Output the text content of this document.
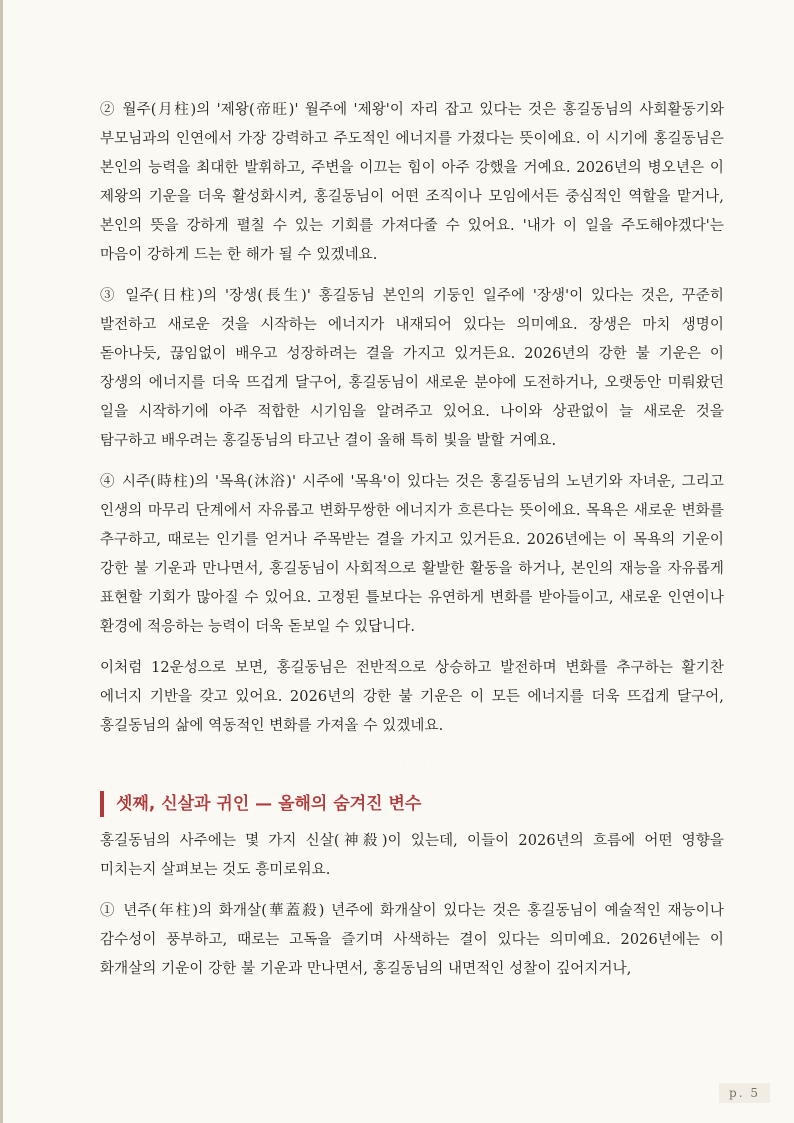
② 월주(月柱)의 '제왕(帝旺)' 월주에 '제왕'이 자리 잡고 있다는 것은 홍길동님의 사회활동기와 부모님과의 인연에서 가장 강력하고 주도적인 에너지를 가졌다는 뜻이에요. 이 시기에 홍길동님은 본인의 능력을 최대한 발휘하고, 주변을 이끄는 힘이 아주 강했을 거예요. 2026년의 병오년은 이 제왕의 기운을 더욱 활성화시켜, 홍길동님이 어떤 조직이나 모임에서든 중심적인 역할을 맡거나, 본인의 뜻을 강하게 펼칠 수 있는 기회를 가져다줄 수 있어요. '내가 이 일을 주도해야겠다'는 마음이 강하게 드는 한 해가 될 수 있겠네요.

③ 일주(日柱)의 '장생(長生)' 홍길동님 본인의 기둥인 일주에 '장생'이 있다는 것은, 꾸준히 발전하고 새로운 것을 시작하는 에너지가 내재되어 있다는 의미예요. 장생은 마치 생명이 돋아나듯, 끊임없이 배우고 성장하려는 결을 가지고 있거든요. 2026년의 강한 불 기운은 이 장생의 에너지를 더욱 뜨겁게 달구어, 홍길동님이 새로운 분야에 도전하거나, 오랫동안 미뤄왔던 일을 시작하기에 아주 적합한 시기임을 알려주고 있어요. 나이와 상관없이 늘 새로운 것을 탐구하고 배우려는 홍길동님의 타고난 결이 올해 특히 빛을 발할 거예요.

④ 시주(時柱)의 '목욕(沐浴)' 시주에 '목욕'이 있다는 것은 홍길동님의 노년기와 자녀운, 그리고 인생의 마무리 단계에서 자유롭고 변화무쌍한 에너지가 흐른다는 뜻이에요. 목욕은 새로운 변화를 추구하고, 때로는 인기를 얻거나 주목받는 결을 가지고 있거든요. 2026년에는 이 목욕의 기운이 강한 불 기운과 만나면서, 홍길동님이 사회적으로 활발한 활동을 하거나, 본인의 재능을 자유롭게 표현할 기회가 많아질 수 있어요. 고정된 틀보다는 유연하게 변화를 받아들이고, 새로운 인연이나 환경에 적응하는 능력이 더욱 돋보일 수 있답니다.

이처럼 12운성으로 보면, 홍길동님은 전반적으로 상승하고 발전하며 변화를 추구하는 활기찬 에너지 기반을 갖고 있어요. 2026년의 강한 불 기운은 이 모든 에너지를 더욱 뜨겁게 달구어, 홍길동님의 삶에 역동적인 변화를 가져올 수 있겠네요.

···
셋째, 신살과 귀인 — 올해의 숨겨진 변수

홍길동님의 사주에는 몇 가지 신살(神殺)이 있는데, 이들이 2026년의 흐름에 어떤 영향을 미치는지 살펴보는 것도 흥미로워요.

① 년주(年柱)의 화개살(華蓋殺) 년주에 화개살이 있다는 것은 홍길동님이 예술적인 재능이나 감수성이 풍부하고, 때로는 고독을 즐기며 사색하는 결이 있다는 의미예요. 2026년에는 이 화개살의 기운이 강한 불 기운과 만나면서, 홍길동님의 내면적인 성찰이 깊어지거나,

p. 5
